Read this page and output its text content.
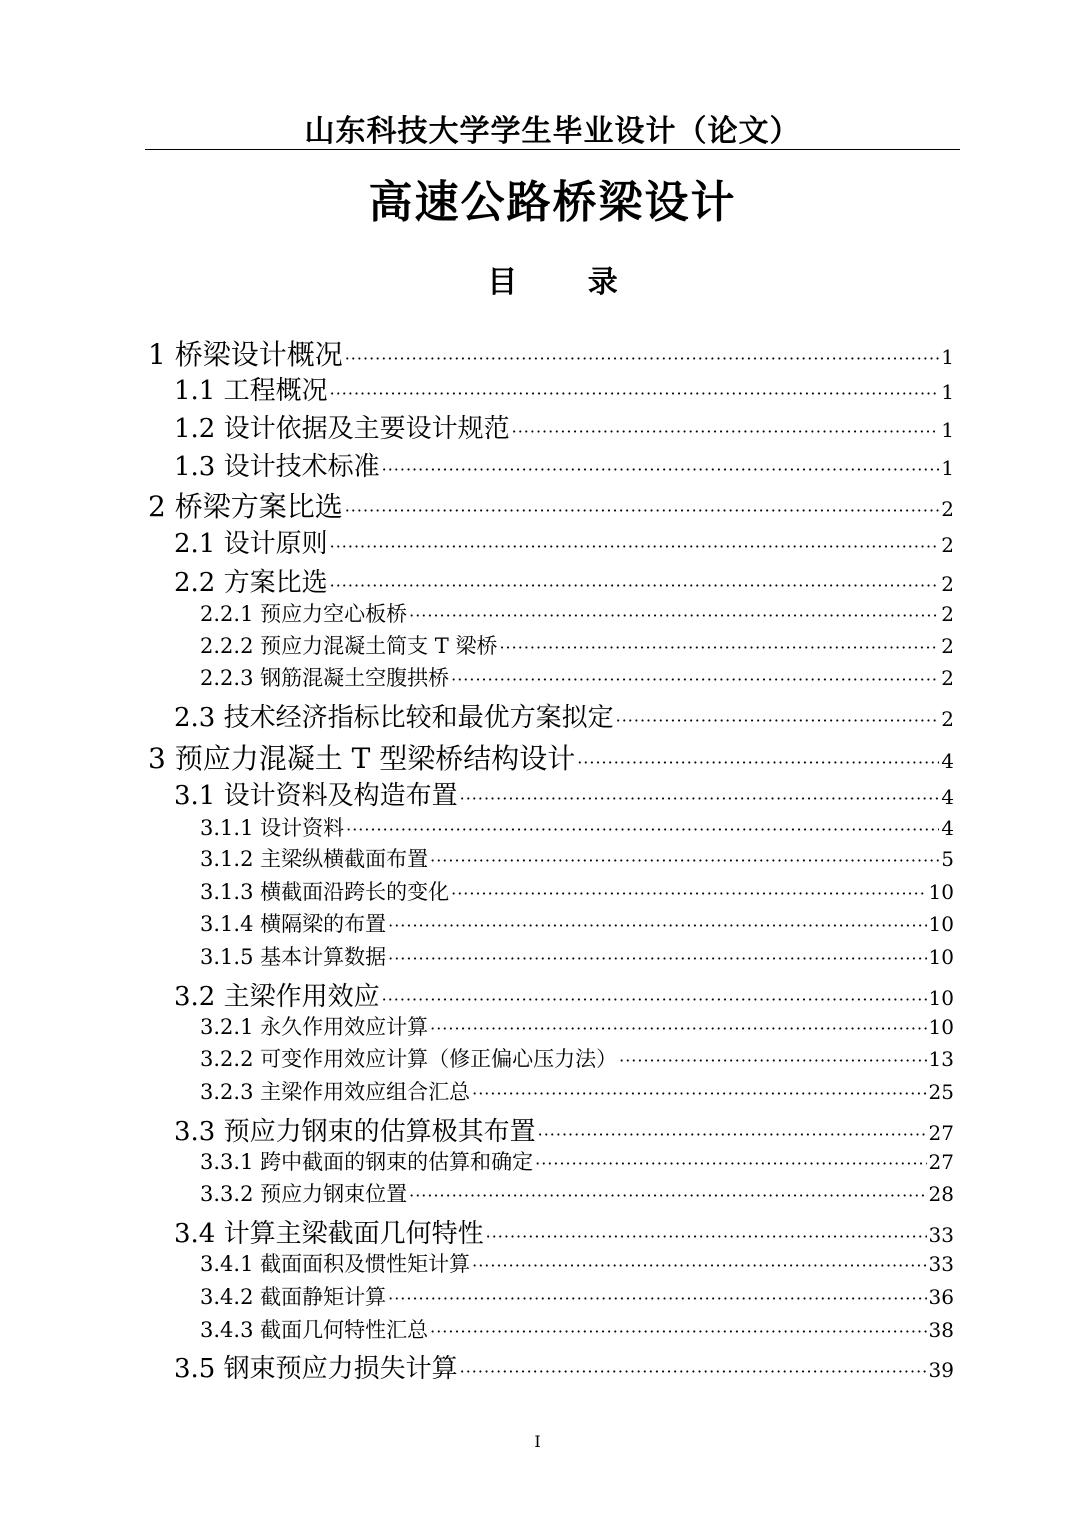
山东科技大学学生毕业设计（论文）
高速公路桥梁设计
目 录
1 桥梁设计概况 ·····	1
1.1 工程概况 ·····	1
1.2 设计依据及主要设计规范 ·····	1
1.3 设计技术标准 ·····	1
2 桥梁方案比选 ·····	2
2.1 设计原则 ·····	2
2.2 方案比选 ·····	2
2.2.1 预应力空心板桥 ·····	2
2.2.2 预应力混凝土简支 T 梁桥 ·····	2
2.2.3 钢筋混凝土空腹拱桥 ·····	2
2.3 技术经济指标比较和最优方案拟定 ·····	2
3 预应力混凝土 T 型梁桥结构设计 ·····	4
3.1 设计资料及构造布置 ·····	4
3.1.1 设计资料 ·····	4
3.1.2 主梁纵横截面布置 ·····	5
3.1.3 横截面沿跨长的变化 ·····	10
3.1.4 横隔梁的布置 ·····	10
3.1.5 基本计算数据 ·····	10
3.2 主梁作用效应 ·····	10
3.2.1 永久作用效应计算 ·····	10
3.2.2 可变作用效应计算（修正偏心压力法） ·····	13
3.2.3 主梁作用效应组合汇总 ·····	25
3.3 预应力钢束的估算极其布置 ·····	27
3.3.1 跨中截面的钢束的估算和确定 ·····	27
3.3.2 预应力钢束位置 ·····	28
3.4 计算主梁截面几何特性 ·····	33
3.4.1 截面面积及惯性矩计算 ·····	33
3.4.2 截面静矩计算 ·····	36
3.4.3 截面几何特性汇总 ·····	38
3.5 钢束预应力损失计算 ·····	39
I
